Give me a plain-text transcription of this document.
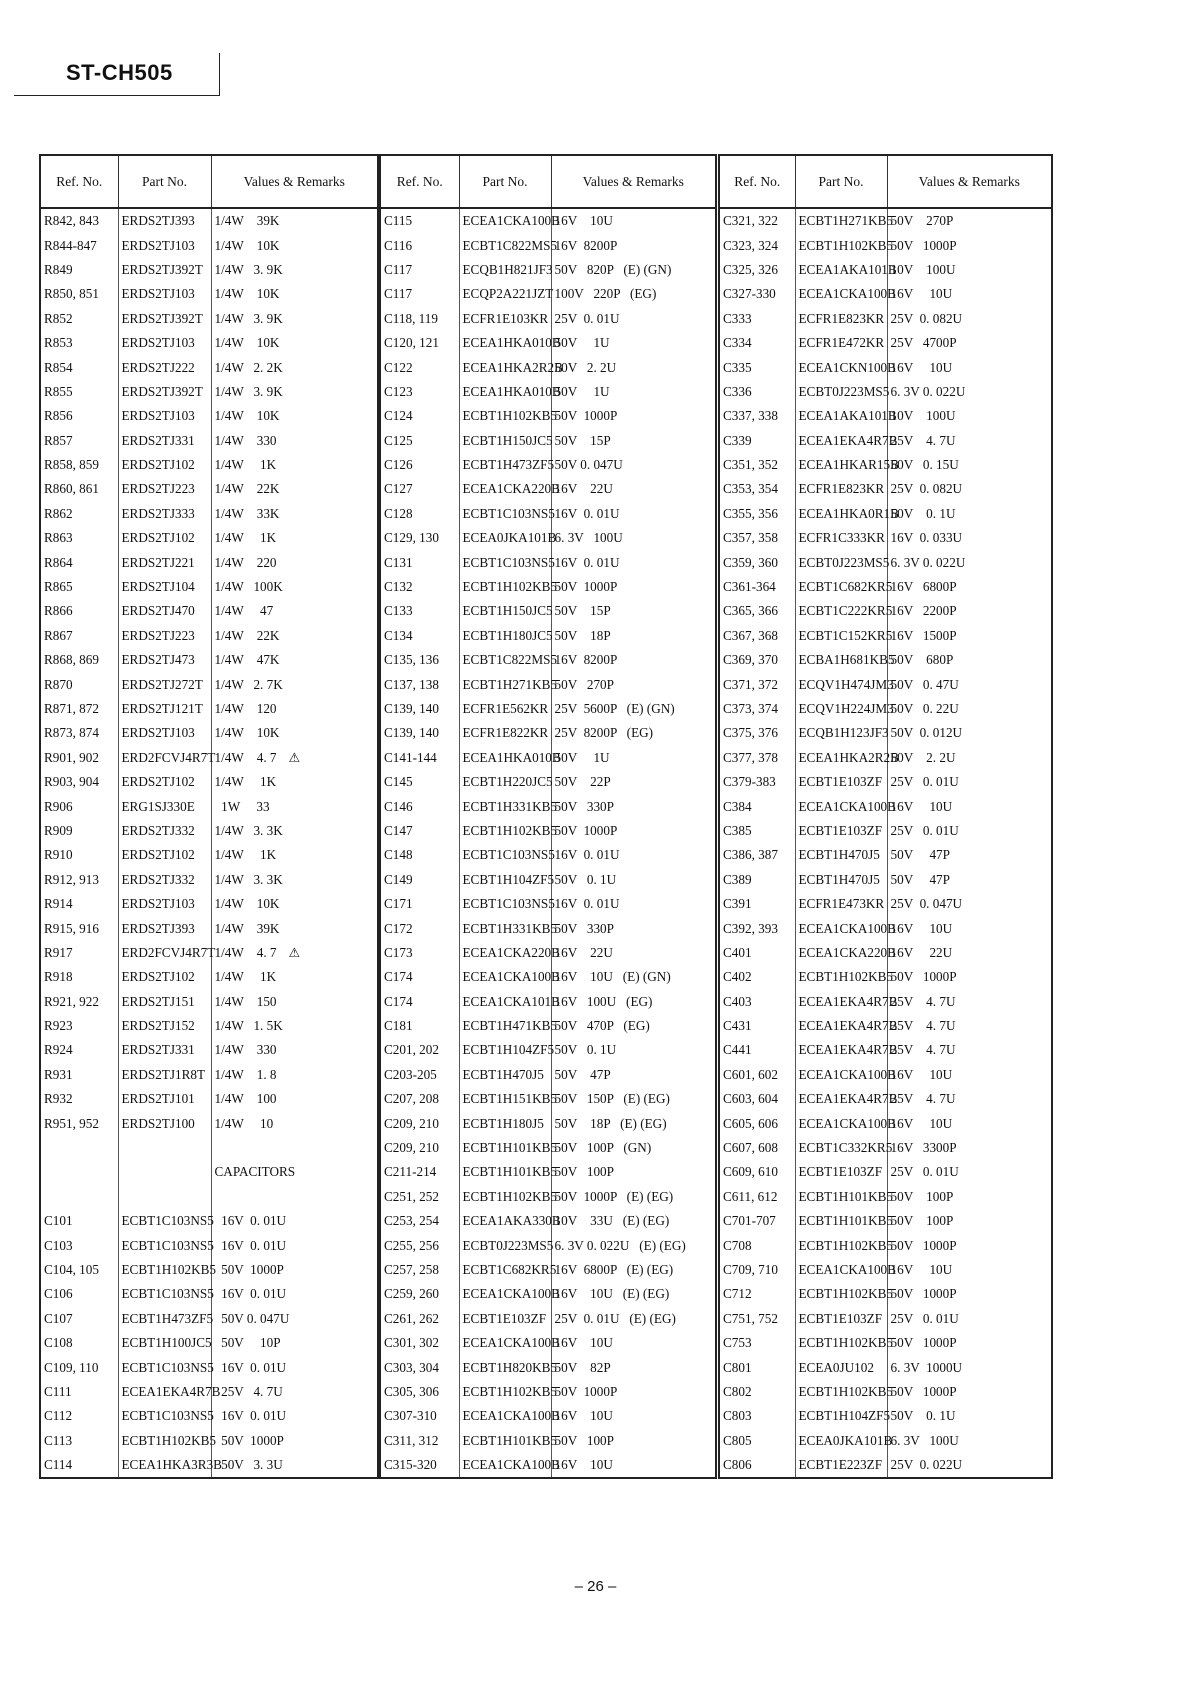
ST-CH505
Ref. No.	Part No.	Values & Remarks
R842, 843	ERDS2TJ393	1/4W    39K
R844-847	ERDS2TJ103	1/4W    10K
R849	ERDS2TJ392T	1/4W   3. 9K
R850, 851	ERDS2TJ103	1/4W    10K
R852	ERDS2TJ392T	1/4W   3. 9K
R853	ERDS2TJ103	1/4W    10K
R854	ERDS2TJ222	1/4W   2. 2K
R855	ERDS2TJ392T	1/4W   3. 9K
R856	ERDS2TJ103	1/4W    10K
R857	ERDS2TJ331	1/4W    330
R858, 859	ERDS2TJ102	1/4W     1K
R860, 861	ERDS2TJ223	1/4W    22K
R862	ERDS2TJ333	1/4W    33K
R863	ERDS2TJ102	1/4W     1K
R864	ERDS2TJ221	1/4W    220
R865	ERDS2TJ104	1/4W   100K
R866	ERDS2TJ470	1/4W     47
R867	ERDS2TJ223	1/4W    22K
R868, 869	ERDS2TJ473	1/4W    47K
R870	ERDS2TJ272T	1/4W   2. 7K
R871, 872	ERDS2TJ121T	1/4W    120
R873, 874	ERDS2TJ103	1/4W    10K
R901, 902	ERD2FCVJ4R7T	1/4W    4. 7 ⚠
R903, 904	ERDS2TJ102	1/4W     1K
R906	ERG1SJ330E	1W     33
R909	ERDS2TJ332	1/4W   3. 3K
R910	ERDS2TJ102	1/4W     1K
R912, 913	ERDS2TJ332	1/4W   3. 3K
R914	ERDS2TJ103	1/4W    10K
R915, 916	ERDS2TJ393	1/4W    39K
R917	ERD2FCVJ4R7T	1/4W    4. 7 ⚠
R918	ERDS2TJ102	1/4W     1K
R921, 922	ERDS2TJ151	1/4W    150
R923	ERDS2TJ152	1/4W   1. 5K
R924	ERDS2TJ331	1/4W    330
R931	ERDS2TJ1R8T	1/4W    1. 8
R932	ERDS2TJ101	1/4W    100
R951, 952	ERDS2TJ100	1/4W     10

		CAPACITORS

C101	ECBT1C103NS5	16V  0. 01U
C103	ECBT1C103NS5	16V  0. 01U
C104, 105	ECBT1H102KB5	50V  1000P
C106	ECBT1C103NS5	16V  0. 01U
C107	ECBT1H473ZF5	50V 0. 047U
C108	ECBT1H100JC5	50V     10P
C109, 110	ECBT1C103NS5	16V  0. 01U
C111	ECEA1EKA4R7B	25V   4. 7U
C112	ECBT1C103NS5	16V  0. 01U
C113	ECBT1H102KB5	50V  1000P
C114	ECEA1HKA3R3B	50V   3. 3U
Ref. No.	Part No.	Values & Remarks
C115	ECEA1CKA100B	16V    10U
C116	ECBT1C822MS5	16V  8200P
C117	ECQB1H821JF3	50V   820P   (E) (GN)
C117	ECQP2A221JZT	100V   220P   (EG)
C118, 119	ECFR1E103KR	25V  0. 01U
C120, 121	ECEA1HKA010B	50V     1U
C122	ECEA1HKA2R2B	50V   2. 2U
C123	ECEA1HKA010B	50V     1U
C124	ECBT1H102KB5	50V  1000P
C125	ECBT1H150JC5	50V    15P
C126	ECBT1H473ZF5	50V 0. 047U
C127	ECEA1CKA220B	16V    22U
C128	ECBT1C103NS5	16V  0. 01U
C129, 130	ECEA0JKA101B	6. 3V   100U
C131	ECBT1C103NS5	16V  0. 01U
C132	ECBT1H102KB5	50V  1000P
C133	ECBT1H150JC5	50V    15P
C134	ECBT1H180JC5	50V    18P
C135, 136	ECBT1C822MS5	16V  8200P
C137, 138	ECBT1H271KB5	50V   270P
C139, 140	ECFR1E562KR	25V  5600P   (E) (GN)
C139, 140	ECFR1E822KR	25V  8200P   (EG)
C141-144	ECEA1HKA010B	50V     1U
C145	ECBT1H220JC5	50V    22P
C146	ECBT1H331KB5	50V   330P
C147	ECBT1H102KB5	50V  1000P
C148	ECBT1C103NS5	16V  0. 01U
C149	ECBT1H104ZF5	50V   0. 1U
C171	ECBT1C103NS5	16V  0. 01U
C172	ECBT1H331KB5	50V   330P
C173	ECEA1CKA220B	16V    22U
C174	ECEA1CKA100B	16V    10U   (E) (GN)
C174	ECEA1CKA101B	16V   100U   (EG)
C181	ECBT1H471KB5	50V   470P   (EG)
C201, 202	ECBT1H104ZF5	50V   0. 1U
C203-205	ECBT1H470J5	50V    47P
C207, 208	ECBT1H151KB5	50V   150P   (E) (EG)
C209, 210	ECBT1H180J5	50V    18P   (E) (EG)
C209, 210	ECBT1H101KB5	50V   100P   (GN)
C211-214	ECBT1H101KB5	50V   100P
C251, 252	ECBT1H102KB5	50V  1000P   (E) (EG)
C253, 254	ECEA1AKA330B	10V    33U   (E) (EG)
C255, 256	ECBT0J223MS5	6. 3V 0. 022U   (E) (EG)
C257, 258	ECBT1C682KR5	16V  6800P   (E) (EG)
C259, 260	ECEA1CKA100B	16V    10U   (E) (EG)
C261, 262	ECBT1E103ZF	25V  0. 01U   (E) (EG)
C301, 302	ECEA1CKA100B	16V    10U
C303, 304	ECBT1H820KB5	50V    82P
C305, 306	ECBT1H102KB5	50V  1000P
C307-310	ECEA1CKA100B	16V    10U
C311, 312	ECBT1H101KB5	50V   100P
C315-320	ECEA1CKA100B	16V    10U
Ref. No.	Part No.	Values & Remarks
C321, 322	ECBT1H271KB5	50V    270P
C323, 324	ECBT1H102KB5	50V   1000P
C325, 326	ECEA1AKA101B	10V    100U
C327-330	ECEA1CKA100B	16V     10U
C333	ECFR1E823KR	25V  0. 082U
C334	ECFR1E472KR	25V   4700P
C335	ECEA1CKN100B	16V     10U
C336	ECBT0J223MS5	6. 3V 0. 022U
C337, 338	ECEA1AKA101B	10V    100U
C339	ECEA1EKA4R7B	25V    4. 7U
C351, 352	ECEA1HKAR15B	50V   0. 15U
C353, 354	ECFR1E823KR	25V  0. 082U
C355, 356	ECEA1HKA0R1B	50V    0. 1U
C357, 358	ECFR1C333KR	16V  0. 033U
C359, 360	ECBT0J223MS5	6. 3V 0. 022U
C361-364	ECBT1C682KR5	16V   6800P
C365, 366	ECBT1C222KR5	16V   2200P
C367, 368	ECBT1C152KR5	16V   1500P
C369, 370	ECBA1H681KB5	50V    680P
C371, 372	ECQV1H474JM3	50V   0. 47U
C373, 374	ECQV1H224JM3	50V   0. 22U
C375, 376	ECQB1H123JF3	50V  0. 012U
C377, 378	ECEA1HKA2R2B	50V    2. 2U
C379-383	ECBT1E103ZF	25V   0. 01U
C384	ECEA1CKA100B	16V     10U
C385	ECBT1E103ZF	25V   0. 01U
C386, 387	ECBT1H470J5	50V     47P
C389	ECBT1H470J5	50V     47P
C391	ECFR1E473KR	25V  0. 047U
C392, 393	ECEA1CKA100B	16V     10U
C401	ECEA1CKA220B	16V     22U
C402	ECBT1H102KB5	50V   1000P
C403	ECEA1EKA4R7B	25V    4. 7U
C431	ECEA1EKA4R7B	25V    4. 7U
C441	ECEA1EKA4R7B	25V    4. 7U
C601, 602	ECEA1CKA100B	16V     10U
C603, 604	ECEA1EKA4R7B	25V    4. 7U
C605, 606	ECEA1CKA100B	16V     10U
C607, 608	ECBT1C332KR5	16V   3300P
C609, 610	ECBT1E103ZF	25V   0. 01U
C611, 612	ECBT1H101KB5	50V    100P
C701-707	ECBT1H101KB5	50V    100P
C708	ECBT1H102KB5	50V   1000P
C709, 710	ECEA1CKA100B	16V     10U
C712	ECBT1H102KB5	50V   1000P
C751, 752	ECBT1E103ZF	25V   0. 01U
C753	ECBT1H102KB5	50V   1000P
C801	ECEA0JU102	6. 3V  1000U
C802	ECBT1H102KB5	50V   1000P
C803	ECBT1H104ZF5	50V    0. 1U
C805	ECEA0JKA101B	6. 3V   100U
C806	ECBT1E223ZF	25V  0. 022U
– 26 –
